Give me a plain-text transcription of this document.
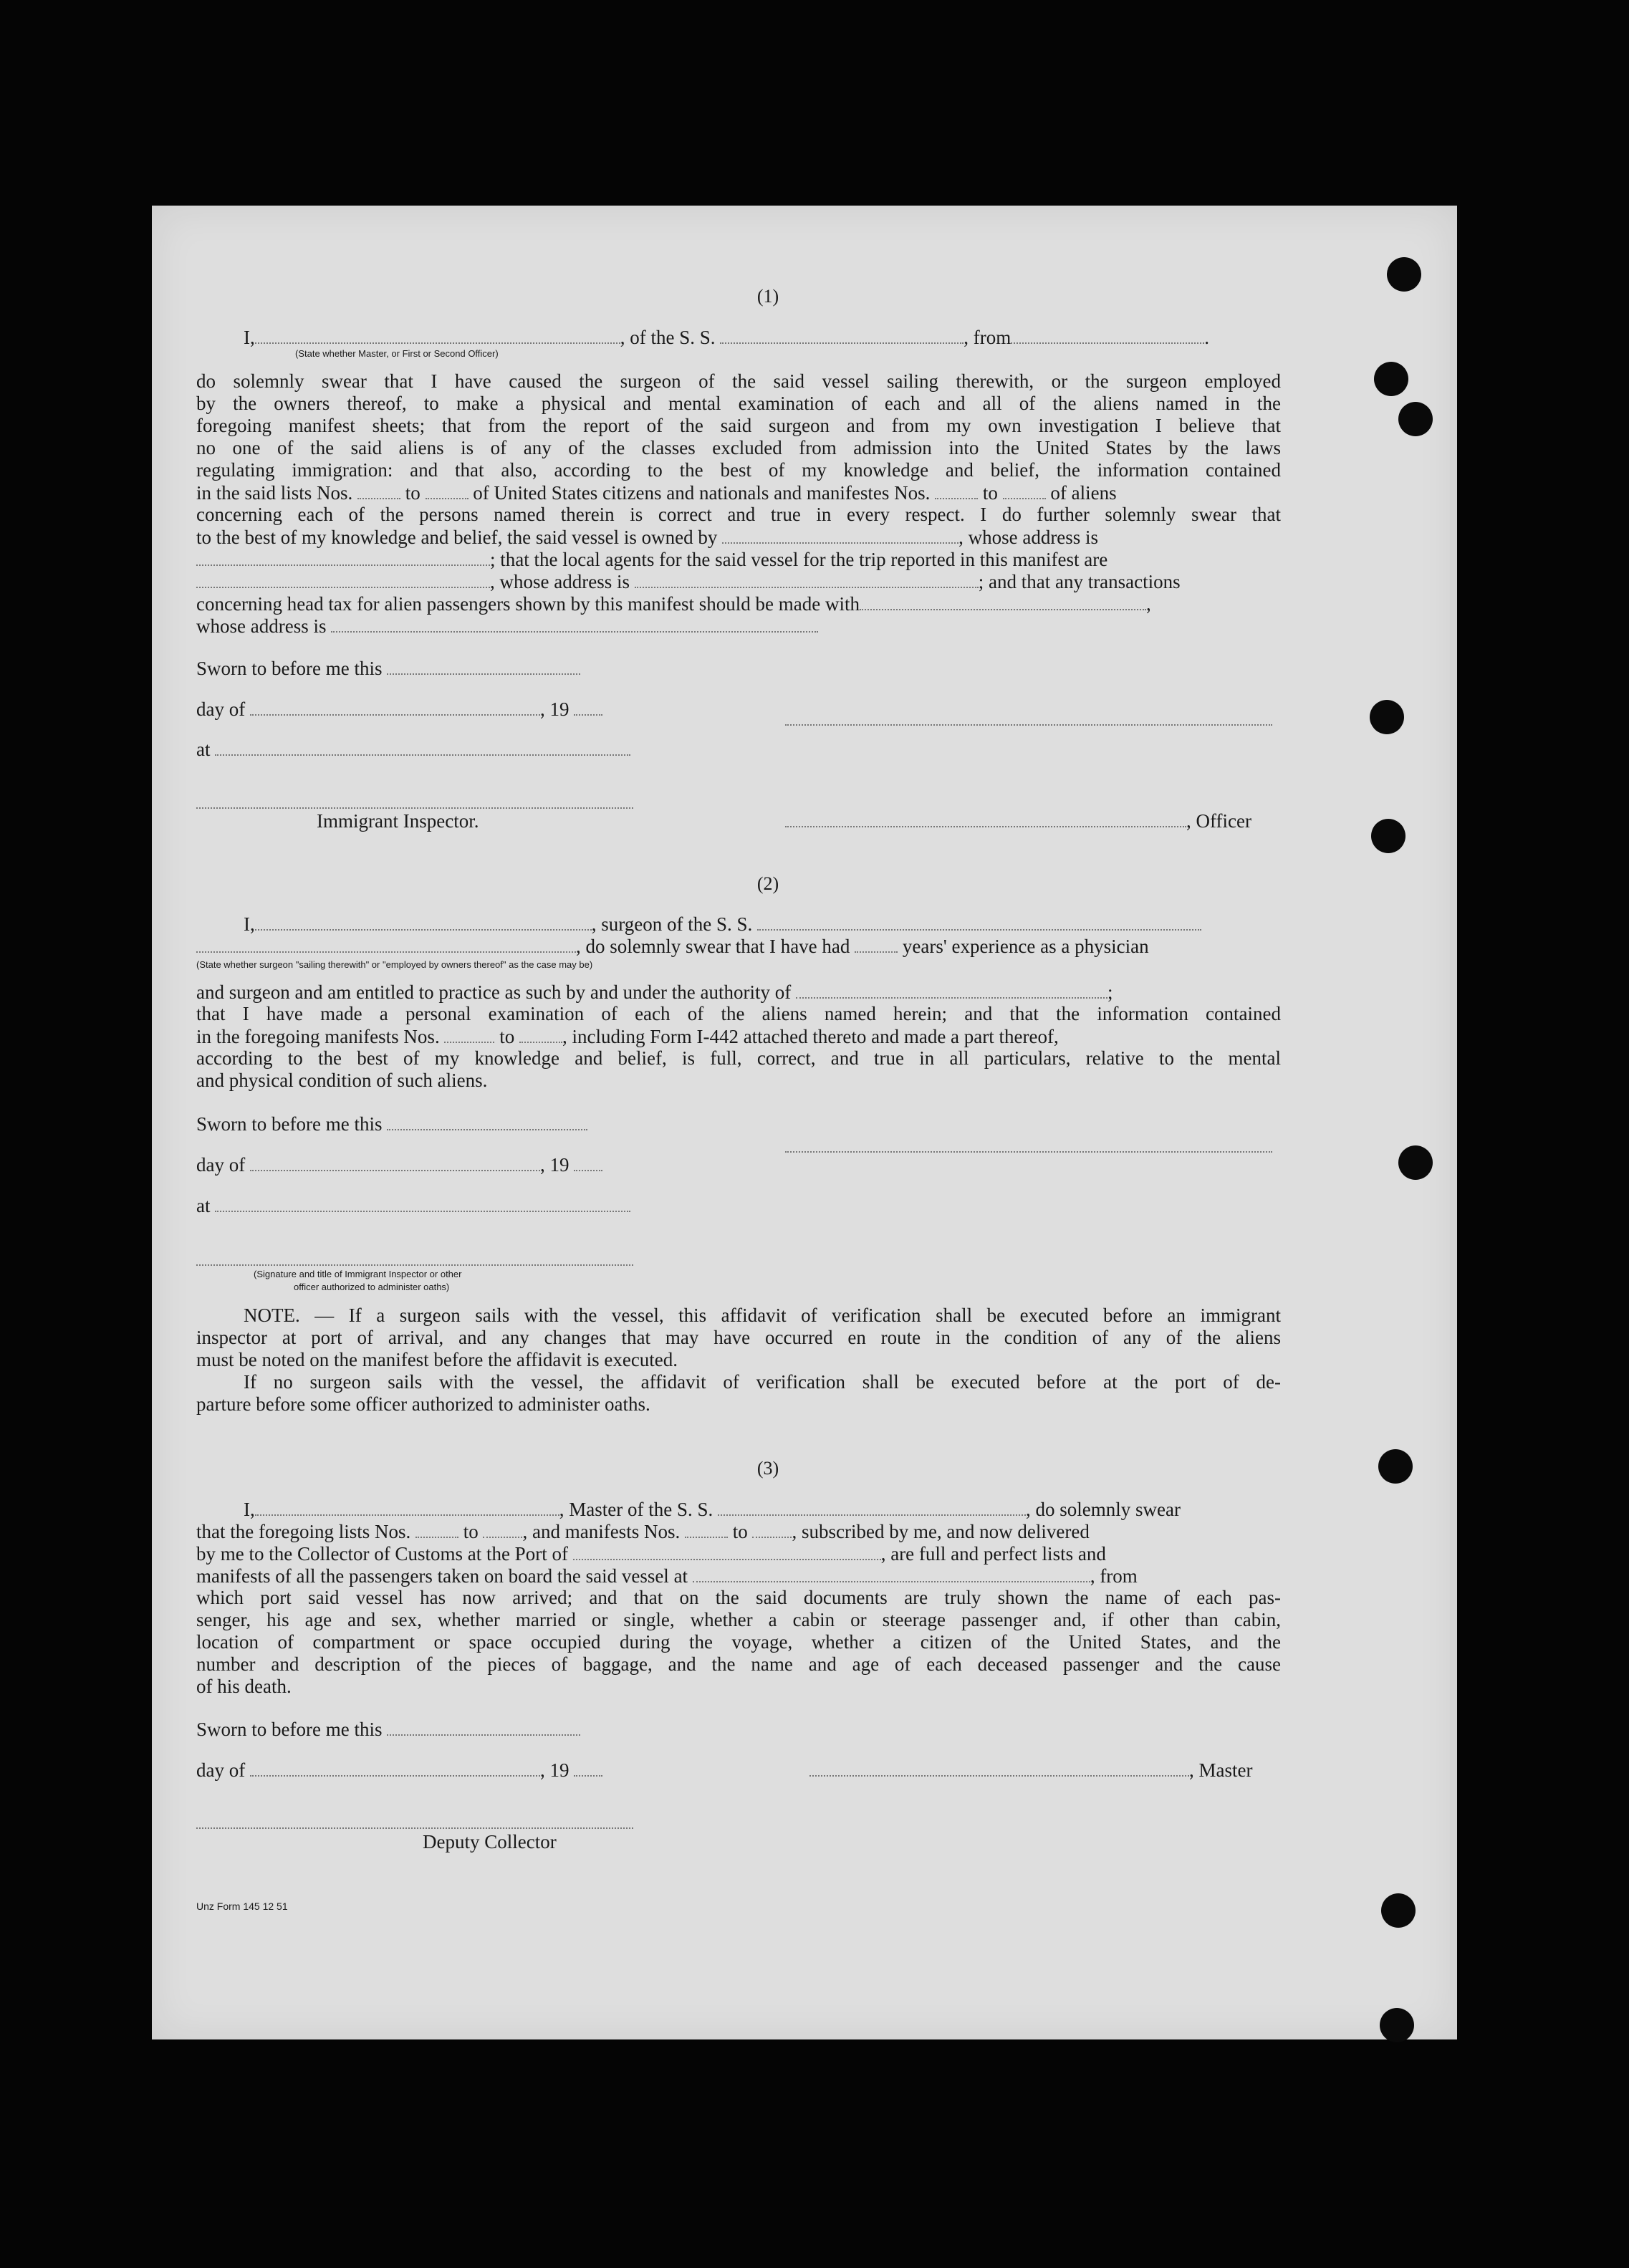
(1)
I,	, of the S. S.	, from	.
(State whether Master, or First or Second Officer)
do solemnly swear that I have caused the surgeon of the said vessel sailing therewith, or the surgeon employed
by the owners thereof, to make a physical and mental examination of each and all of the aliens named in the
foregoing manifest sheets; that from the report of the said surgeon and from my own investigation I believe that
no one of the said aliens is of any of the classes excluded from admission into the United States by the laws
regulating immigration: and that also, according to the best of my knowledge and belief, the information contained
in the said lists Nos.	to	of United States citizens and nationals and manifestes Nos.	to	of aliens
concerning each of the persons named therein is correct and true in every respect. I do further solemnly swear that
to the best of my knowledge and belief, the said vessel is owned by	, whose address is
; that the local agents for the said vessel for the trip reported in this manifest are
, whose address is	; and that any transactions
concerning head tax for alien passengers shown by this manifest should be made with	,
whose address is
Sworn to before me this
day of	, 19
at
Immigrant Inspector.	, Officer
(2)
I,	, surgeon of the S. S.
, do solemnly swear that I have had	years' experience as a physician
(State whether surgeon "sailing therewith" or "employed by owners thereof" as the case may be)
and surgeon and am entitled to practice as such by and under the authority of	;
that I have made a personal examination of each of the aliens named herein; and that the information contained
in the foregoing manifests Nos.	to , including Form I-442 attached thereto and made a part thereof,
according to the best of my knowledge and belief, is full, correct, and true in all particulars, relative to the mental
and physical condition of such aliens.
Sworn to before me this
day of	, 19
at
(Signature and title of Immigrant Inspector or other
officer authorized to administer oaths)
NOTE. — If a surgeon sails with the vessel, this affidavit of verification shall be executed before an immigrant
inspector at port of arrival, and any changes that may have occurred en route in the condition of any of the aliens
must be noted on the manifest before the affidavit is executed.
If no surgeon sails with the vessel, the affidavit of verification shall be executed before at the port of de-
parture before some officer authorized to administer oaths.
(3)
I,	, Master of the S. S.	, do solemnly swear
that the foregoing lists Nos.	to , and manifests Nos.	to , subscribed by me, and now delivered
by me to the Collector of Customs at the Port of	, are full and perfect lists and
manifests of all the passengers taken on board the said vessel at	, from
which port said vessel has now arrived; and that on the said documents are truly shown the name of each pas-
senger, his age and sex, whether married or single, whether a cabin or steerage passenger and, if other than cabin,
location of compartment or space occupied during the voyage, whether a citizen of the United States, and the
number and description of the pieces of baggage, and the name and age of each deceased passenger and the cause
of his death.
Sworn to before me this
day of	, 19	, Master
Deputy Collector
Unz Form 145 12 51
